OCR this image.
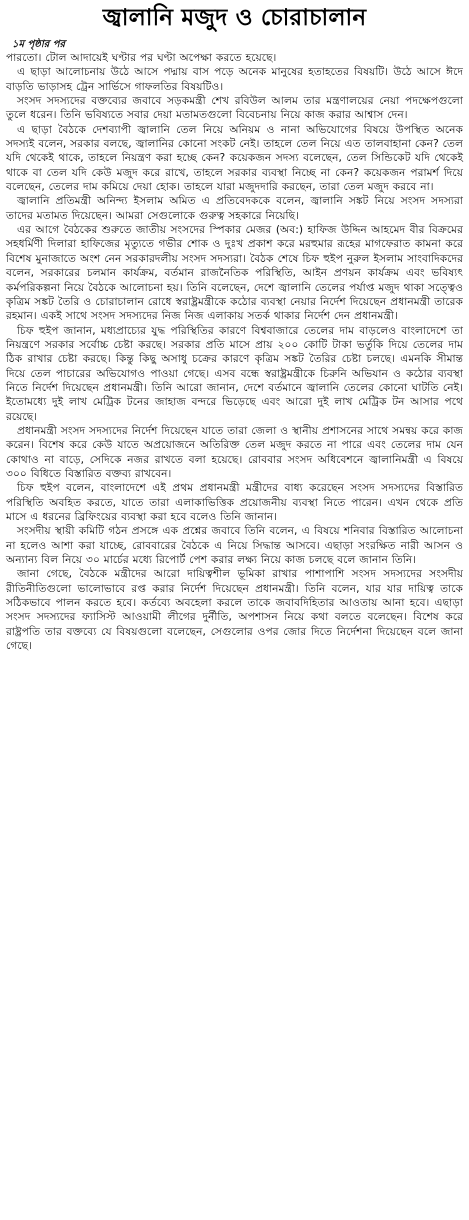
জ্বালানি মজুদ ও চোরাচালান
১ম পৃষ্ঠার পর

পারতো। টোল আদায়েই ঘণ্টার পর ঘণ্টা অপেক্ষা করতে হয়েছে।

এ ছাড়া আলোচনায় উঠে আসে পদ্মায় বাস পড়ে অনেক মানুষের হতাহতের বিষয়টি। উঠে আসে ঈদে বাড়তি ভাড়াসহ ট্রেন সার্ভিসে গাফলতির বিষয়টিও।

সংসদ সদস্যদের বক্তব্যের জবাবে সড়কমন্ত্রী শেখ রবিউল আলম তার মন্ত্রণালয়ের নেয়া পদক্ষেপগুলো তুলে ধরেন। তিনি ভবিষ্যতে সবার দেয়া মতামতগুলো বিবেচনায় নিয়ে কাজ করার আশ্বাস দেন।

এ ছাড়া বৈঠকে দেশব্যাপী জ্বালানি তেল নিয়ে অনিয়ম ও নানা অভিযোগের বিষয়ে উপস্থিত অনেক সদস্যই বলেন, সরকার বলছে, জ্বালানির কোনো সংকট নেই। তাহলে তেল নিয়ে এত তালবাহানা কেন? তেল যদি থেকেই থাকে, তাহলে নিয়ন্ত্রণ করা হচ্ছে কেন? কয়েকজন সদস্য বলেছেন, তেল সিন্ডিকেট যদি থেকেই থাকে বা তেল যদি কেউ মজুদ করে রাখে, তাহলে সরকার ব্যবস্থা নিচ্ছে না কেন? কয়েকজন পরামর্শ দিয়ে বলেছেন, তেলের দাম কমিয়ে দেয়া হোক। তাহলে যারা মজুদদারি করছেন, তারা তেল মজুদ করবে না।

জ্বালানি প্রতিমন্ত্রী অনিন্দ্য ইসলাম অমিত এ প্রতিবেদককে বলেন, জ্বালানি সঙ্কট নিয়ে সংসদ সদস্যরা তাদের মতামত দিয়েছেন। আমরা সেগুলোকে গুরুত্ব সহকারে নিয়েছি।

এর আগে বৈঠকের শুরুতে জাতীয় সংসদের স্পিকার মেজর (অব:) হাফিজ উদ্দিন আহমেদ বীর বিক্রমের সহধর্মিণী দিলারা হাফিজের মৃত্যুতে গভীর শোক ও দুঃখ প্রকাশ করে মরহুমার রূহের মাগফেরাত কামনা করে বিশেষ মুনাজাতে অংশ নেন সরকারদলীয় সংসদ সদস্যরা। বৈঠক শেষে চিফ হুইপ নুরুল ইসলাম সাংবাদিকদের বলেন, সরকারের চলমান কার্যক্রম, বর্তমান রাজনৈতিক পরিস্থিতি, আইন প্রণয়ন কার্যক্রম এবং ভবিষ্যৎ কর্মপরিকল্পনা নিয়ে বৈঠকে আলোচনা হয়। তিনি বলেছেন, দেশে জ্বালানি তেলের পর্যাপ্ত মজুদ থাকা সত্ত্বেও কৃত্রিম সঙ্কট তৈরি ও চোরাচালান রোধে স্বরাষ্ট্রমন্ত্রীকে কঠোর ব্যবস্থা নেয়ার নির্দেশ দিয়েছেন প্রধানমন্ত্রী তারেক রহমান। একই সাথে সংসদ সদস্যদের নিজ নিজ এলাকায় সতর্ক থাকার নির্দেশ দেন প্রধানমন্ত্রী।

চিফ হুইপ জানান, মধ্যপ্রাচ্যের যুদ্ধ পরিস্থিতির কারণে বিশ্ববাজারে তেলের দাম বাড়লেও বাংলাদেশে তা নিয়ন্ত্রণে সরকার সর্বোচ্চ চেষ্টা করছে। সরকার প্রতি মাসে প্রায় ২০০ কোটি টাকা ভর্তুকি দিয়ে তেলের দাম ঠিক রাখার চেষ্টা করছে। কিন্তু কিছু অসাধু চক্রের কারণে কৃত্রিম সঙ্কট তৈরির চেষ্টা চলছে। এমনকি সীমান্ত দিয়ে তেল পাচারের অভিযোগও পাওয়া গেছে। এসব বন্ধে স্বরাষ্ট্রমন্ত্রীকে চিরুনি অভিযান ও কঠোর ব্যবস্থা নিতে নির্দেশ দিয়েছেন প্রধানমন্ত্রী। তিনি আরো জানান, দেশে বর্তমানে জ্বালানি তেলের কোনো ঘাটতি নেই। ইতোমধ্যে দুই লাখ মেট্রিক টনের জাহাজ বন্দরে ভিড়েছে এবং আরো দুই লাখ মেট্রিক টন আসার পথে রয়েছে।

প্রধানমন্ত্রী সংসদ সদস্যদের নির্দেশ দিয়েছেন যাতে তারা জেলা ও স্থানীয় প্রশাসনের সাথে সমন্বয় করে কাজ করেন। বিশেষ করে কেউ যাতে অপ্রয়োজনে অতিরিক্ত তেল মজুদ করতে না পারে এবং তেলের দাম যেন কোথাও না বাড়ে, সেদিকে নজর রাখতে বলা হয়েছে। রোববার সংসদ অধিবেশনে জ্বালানিমন্ত্রী এ বিষয়ে ৩০০ বিধিতে বিস্তারিত বক্তব্য রাখবেন।

চিফ হুইপ বলেন, বাংলাদেশে এই প্রথম প্রধানমন্ত্রী মন্ত্রীদের বাধ্য করেছেন সংসদ সদস্যদের বিস্তারিত পরিস্থিতি অবহিত করতে, যাতে তারা এলাকাভিত্তিক প্রয়োজনীয় ব্যবস্থা নিতে পারেন। এখন থেকে প্রতি মাসে এ ধরনের ব্রিফিংয়ের ব্যবস্থা করা হবে বলেও তিনি জানান।

সংসদীয় স্থায়ী কমিটি গঠন প্রসঙ্গে এক প্রশ্নের জবাবে তিনি বলেন, এ বিষয়ে শনিবার বিস্তারিত আলোচনা না হলেও আশা করা যাচ্ছে, রোববারের বৈঠকে এ নিয়ে সিদ্ধান্ত আসবে। এছাড়া সংরক্ষিত নারী আসন ও অন্যান্য বিল নিয়ে ৩০ মার্চের মধ্যে রিপোর্ট পেশ করার লক্ষ্য নিয়ে কাজ চলছে বলে জানান তিনি।

জানা গেছে, বৈঠকে মন্ত্রীদের আরো দায়িত্বশীল ভূমিকা রাখার পাশাপাশি সংসদ সদস্যদের সংসদীয় রীতিনীতিগুলো ভালোভাবে রপ্ত করার নির্দেশ দিয়েছেন প্রধানমন্ত্রী। তিনি বলেন, যার যার দায়িত্ব তাকে সঠিকভাবে পালন করতে হবে। কর্তব্যে অবহেলা করলে তাকে জবাবদিহিতার আওতায় আনা হবে। এছাড়া সংসদ সদস্যদের ফ্যাসিস্ট আওয়ামী লীগের দুর্নীতি, অপশাসন নিয়ে কথা বলতে বলেছেন। বিশেষ করে রাষ্ট্রপতি তার বক্তব্যে যে বিষয়গুলো বলেছেন, সেগুলোর ওপর জোর দিতে নির্দেশনা দিয়েছেন বলে জানা গেছে।
